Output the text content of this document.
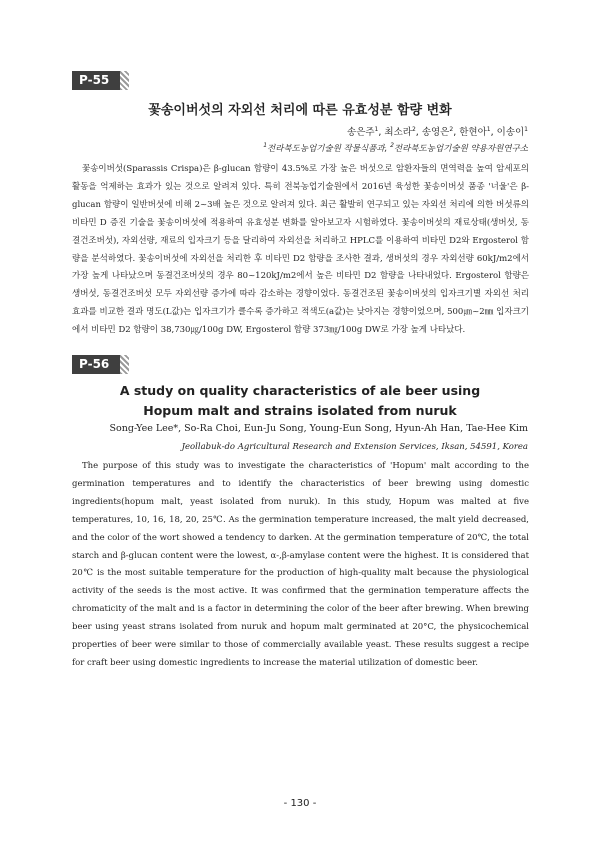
P-55
꽃송이버섯의 자외선 처리에 따른 유효성분 함량 변화
송은주$^1$, 최소라$^2$, 송영은$^2$, 한현아$^1$, 이송이$^1$
$^1$전라북도농업기술원 작물식품과, $^2$전라북도농업기술원 약용자원연구소

꽃송이버섯(Sparassis Crispa)은 β-glucan 함량이 43.5%로 가장 높은 버섯으로 암환자들의 면역력을 높여 암세포의 활동을 억제하는 효과가 있는 것으로 알려져 있다. 특히 전북농업기술원에서 2016년 육성한 꽃송이버섯 품종 '너울'은 β-glucan 함량이 일반버섯에 비해 2~3배 높은 것으로 알려져 있다. 최근 활발히 연구되고 있는 자외선 처리에 의한 버섯류의 비타민 D 증진 기술을 꽃송이버섯에 적용하여 유효성분 변화를 알아보고자 시험하였다. 꽃송이버섯의 재료상태(생버섯, 동결건조버섯), 자외선량, 재료의 입자크기 등을 달리하여 자외선을 처리하고 HPLC를 이용하여 비타민 D2와 Ergosterol 함량을 분석하였다. 꽃송이버섯에 자외선을 처리한 후 비타민 D2 함량을 조사한 결과, 생버섯의 경우 자외선량 60kJ/m2에서 가장 높게 나타났으며 동결건조버섯의 경우 80~120kJ/m2에서 높은 비타민 D2 함량을 나타내었다. Ergosterol 함량은 생버섯, 동결건조버섯 모두 자외선량 증가에 따라 감소하는 경향이었다. 동결건조된 꽃송이버섯의 입자크기별 자외선 처리 효과를 비교한 결과 명도(L값)는 입자크기가 클수록 증가하고 적색도(a값)는 낮아지는 경향이었으며, 500㎛~2㎜ 입자크기에서 비타민 D2 함량이 38,730㎍/100g DW, Ergosterol 함량 373㎎/100g DW로 가장 높게 나타났다.

P-56
A study on quality characteristics of ale beer using
Hopum malt and strains isolated from nuruk
Song-Yee Lee*, So-Ra Choi, Eun-Ju Song, Young-Eun Song, Hyun-Ah Han, Tae-Hee Kim
Jeollabuk-do Agricultural Research and Extension Services, Iksan, 54591, Korea

The purpose of this study was to investigate the characteristics of 'Hopum' malt according to the germination temperatures and to identify the characteristics of beer brewing using domestic ingredients(hopum malt, yeast isolated from nuruk). In this study, Hopum was malted at five temperatures, 10, 16, 18, 20, 25℃. As the germination temperature increased, the malt yield decreased, and the color of the wort showed a tendency to darken. At the germination temperature of 20℃, the total starch and β-glucan content were the lowest, α-,β-amylase content were the highest. It is considered that 20℃ is the most suitable temperature for the production of high-quality malt because the physiological activity of the seeds is the most active. It was confirmed that the germination temperature affects the chromaticity of the malt and is a factor in determining the color of the beer after brewing. When brewing beer using yeast strans isolated from nuruk and hopum malt germinated at 20°C, the physicochemical properties of beer were similar to those of commercially available yeast. These results suggest a recipe for craft beer using domestic ingredients to increase the material utilization of domestic beer.

- 130 -
